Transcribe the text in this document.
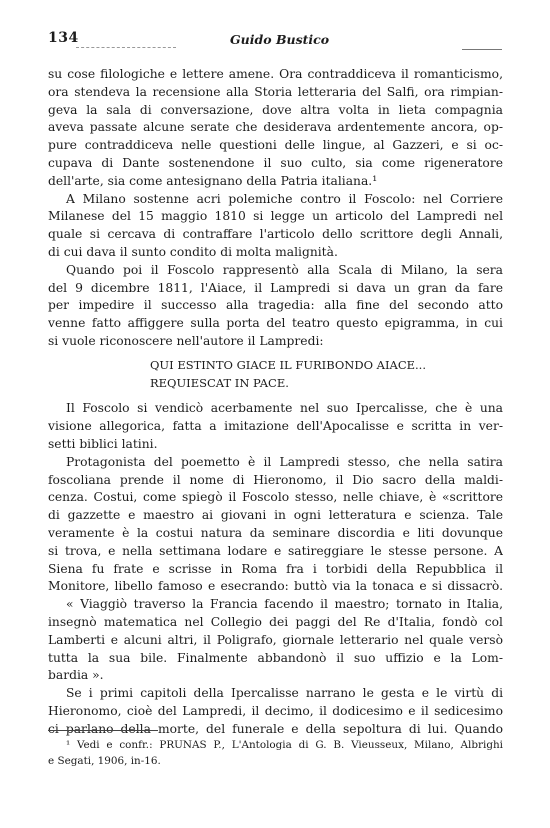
134	Guido Bustico
su cose filologiche e lettere amene. Ora contraddiceva il romanticismo,
ora stendeva la recensione alla Storia letteraria del Salfi, ora rimpian-
geva la sala di conversazione, dove altra volta in lieta compagnia
aveva passate alcune serate che desiderava ardentemente ancora, op-
pure contraddiceva nelle questioni delle lingue, al Gazzeri, e si oc-
cupava di Dante sostenendone il suo culto, sia come rigeneratore
dell'arte, sia come antesignano della Patria italiana.¹
A Milano sostenne acri polemiche contro il Foscolo: nel Corriere
Milanese del 15 maggio 1810 si legge un articolo del Lampredi nel
quale si cercava di contraffare l'articolo dello scrittore degli Annali,
di cui dava il sunto condito di molta malignità.
Quando poi il Foscolo rappresentò alla Scala di Milano, la sera
del 9 dicembre 1811, l'Aiace, il Lampredi si dava un gran da fare
per impedire il successo alla tragedia: alla fine del secondo atto
venne fatto affiggere sulla porta del teatro questo epigramma, in cui
si vuole riconoscere nell'autore il Lampredi:
QUI ESTINTO GIACE IL FURIBONDO AIACE...
REQUIESCAT IN PACE.
Il Foscolo si vendicò acerbamente nel suo Ipercalisse, che è una
visione allegorica, fatta a imitazione dell'Apocalisse e scritta in ver-
setti biblici latini.
Protagonista del poemetto è il Lampredi stesso, che nella satira
foscoliana prende il nome di Hieronomo, il Dio sacro della maldi-
cenza. Costui, come spiegò il Foscolo stesso, nelle chiave, è «scrittore
di gazzette e maestro ai giovani in ogni letteratura e scienza. Tale
veramente è la costui natura da seminare discordia e liti dovunque
si trova, e nella settimana lodare e satireggiare le stesse persone. A
Siena fu frate e scrisse in Roma fra i torbidi della Repubblica il
Monitore, libello famoso e esecrando: buttò via la tonaca e si dissacrò.
« Viaggiò traverso la Francia facendo il maestro; tornato in Italia,
insegnò matematica nel Collegio dei paggi del Re d'Italia, fondò col
Lamberti e alcuni altri, il Poligrafo, giornale letterario nel quale versò
tutta la sua bile. Finalmente abbandonò il suo uffizio e la Lom-
bardia ».
Se i primi capitoli della Ipercalisse narrano le gesta e le virtù di
Hieronomo, cioè del Lampredi, il decimo, il dodicesimo e il sedicesimo
ci parlano della morte, del funerale e della sepoltura di lui. Quando
¹ Vedi e confr.: PRUNAS P., L'Antologia di G. B. Vieusseux, Milano, Albrighi
e Segati, 1906, in-16.
